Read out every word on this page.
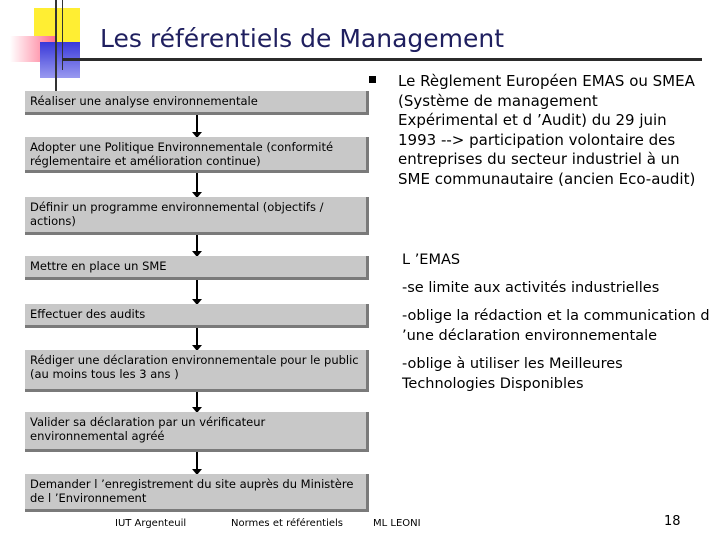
Les référentiels de Management
Réaliser une analyse environnementale
Adopter une Politique Environnementale (conformité réglementaire et amélioration continue)
Définir un programme environnemental (objectifs / actions)
Mettre en place un SME
Effectuer des audits
Rédiger une déclaration environnementale pour le public (au moins tous les 3 ans )
Valider sa déclaration par un vérificateur environnemental agréé
Demander l ’enregistrement du site auprès du Ministère de l ’Environnement
Le Règlement Européen EMAS ou SMEA (Système de management Expérimental et d ’Audit) du 29 juin 1993 --> participation volontaire des entreprises du secteur industriel à un SME communautaire (ancien Eco-audit)
L ’EMAS
-se limite aux activités industrielles
-oblige la rédaction et la communication d ’une déclaration environnementale
-oblige à utiliser les Meilleures Technologies Disponibles
IUT Argenteuil	Normes et référentiels	ML LEONI	18
